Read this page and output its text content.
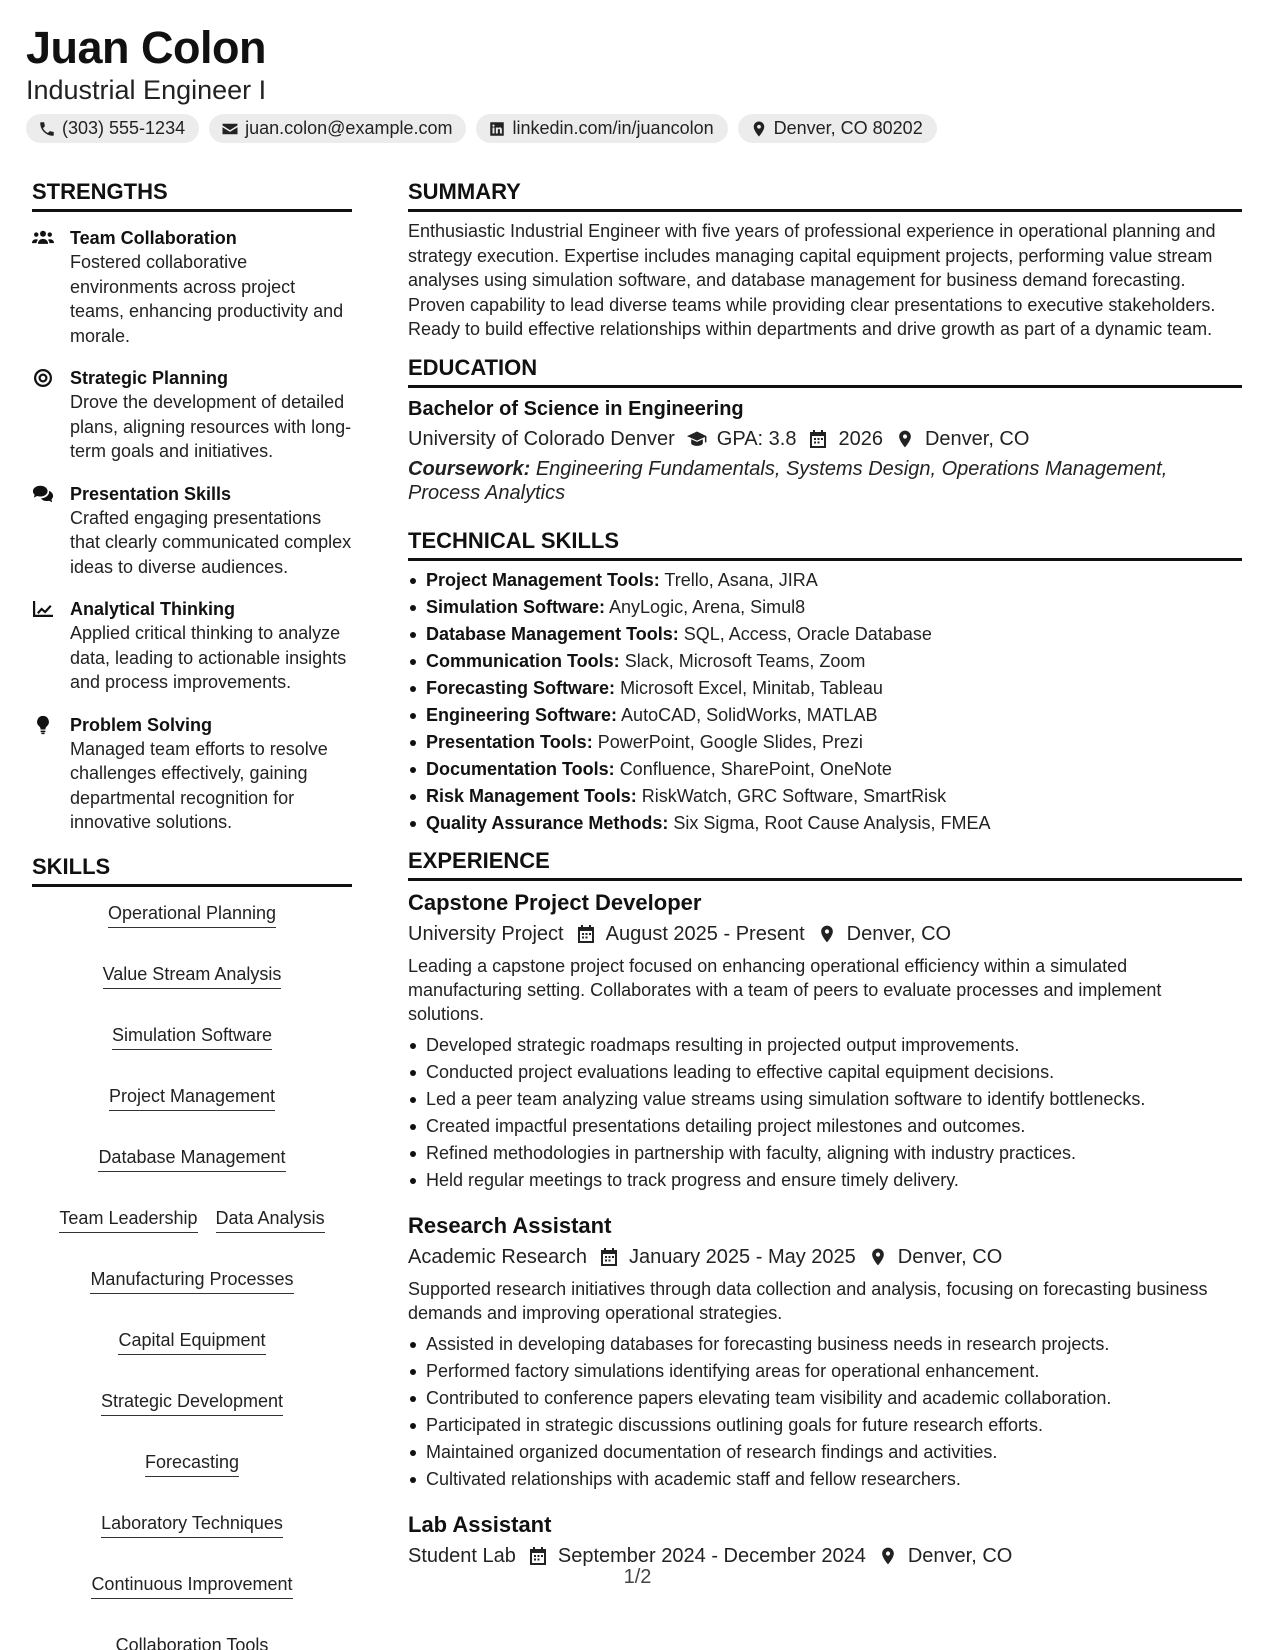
Juan Colon
Industrial Engineer I
(303) 555-1234	juan.colon@example.com	linkedin.com/in/juancolon	Denver, CO 80202
STRENGTHS
Team Collaboration
Fostered collaborative environments across project teams, enhancing productivity and morale.
Strategic Planning
Drove the development of detailed plans, aligning resources with long-term goals and initiatives.
Presentation Skills
Crafted engaging presentations that clearly communicated complex ideas to diverse audiences.
Analytical Thinking
Applied critical thinking to analyze data, leading to actionable insights and process improvements.
Problem Solving
Managed team efforts to resolve challenges effectively, gaining departmental recognition for innovative solutions.
SKILLS
Operational Planning
Value Stream Analysis
Simulation Software
Project Management
Database Management
Team Leadership Data Analysis
Manufacturing Processes
Capital Equipment
Strategic Development
Forecasting
Laboratory Techniques
Continuous Improvement
Collaboration Tools
SUMMARY
Enthusiastic Industrial Engineer with five years of professional experience in operational planning and strategy execution. Expertise includes managing capital equipment projects, performing value stream analyses using simulation software, and database management for business demand forecasting. Proven capability to lead diverse teams while providing clear presentations to executive stakeholders. Ready to build effective relationships within departments and drive growth as part of a dynamic team.
EDUCATION
Bachelor of Science in Engineering
University of Colorado Denver GPA: 3.8 2026 Denver, CO
Coursework: Engineering Fundamentals, Systems Design, Operations Management, Process Analytics
TECHNICAL SKILLS
Project Management Tools: Trello, Asana, JIRA
Simulation Software: AnyLogic, Arena, Simul8
Database Management Tools: SQL, Access, Oracle Database
Communication Tools: Slack, Microsoft Teams, Zoom
Forecasting Software: Microsoft Excel, Minitab, Tableau
Engineering Software: AutoCAD, SolidWorks, MATLAB
Presentation Tools: PowerPoint, Google Slides, Prezi
Documentation Tools: Confluence, SharePoint, OneNote
Risk Management Tools: RiskWatch, GRC Software, SmartRisk
Quality Assurance Methods: Six Sigma, Root Cause Analysis, FMEA
EXPERIENCE
Capstone Project Developer
University Project August 2025 - Present Denver, CO
Leading a capstone project focused on enhancing operational efficiency within a simulated manufacturing setting. Collaborates with a team of peers to evaluate processes and implement solutions.
Developed strategic roadmaps resulting in projected output improvements.
Conducted project evaluations leading to effective capital equipment decisions.
Led a peer team analyzing value streams using simulation software to identify bottlenecks.
Created impactful presentations detailing project milestones and outcomes.
Refined methodologies in partnership with faculty, aligning with industry practices.
Held regular meetings to track progress and ensure timely delivery.
Research Assistant
Academic Research January 2025 - May 2025 Denver, CO
Supported research initiatives through data collection and analysis, focusing on forecasting business demands and improving operational strategies.
Assisted in developing databases for forecasting business needs in research projects.
Performed factory simulations identifying areas for operational enhancement.
Contributed to conference papers elevating team visibility and academic collaboration.
Participated in strategic discussions outlining goals for future research efforts.
Maintained organized documentation of research findings and activities.
Cultivated relationships with academic staff and fellow researchers.
Lab Assistant
Student Lab September 2024 - December 2024 Denver, CO
1/2
